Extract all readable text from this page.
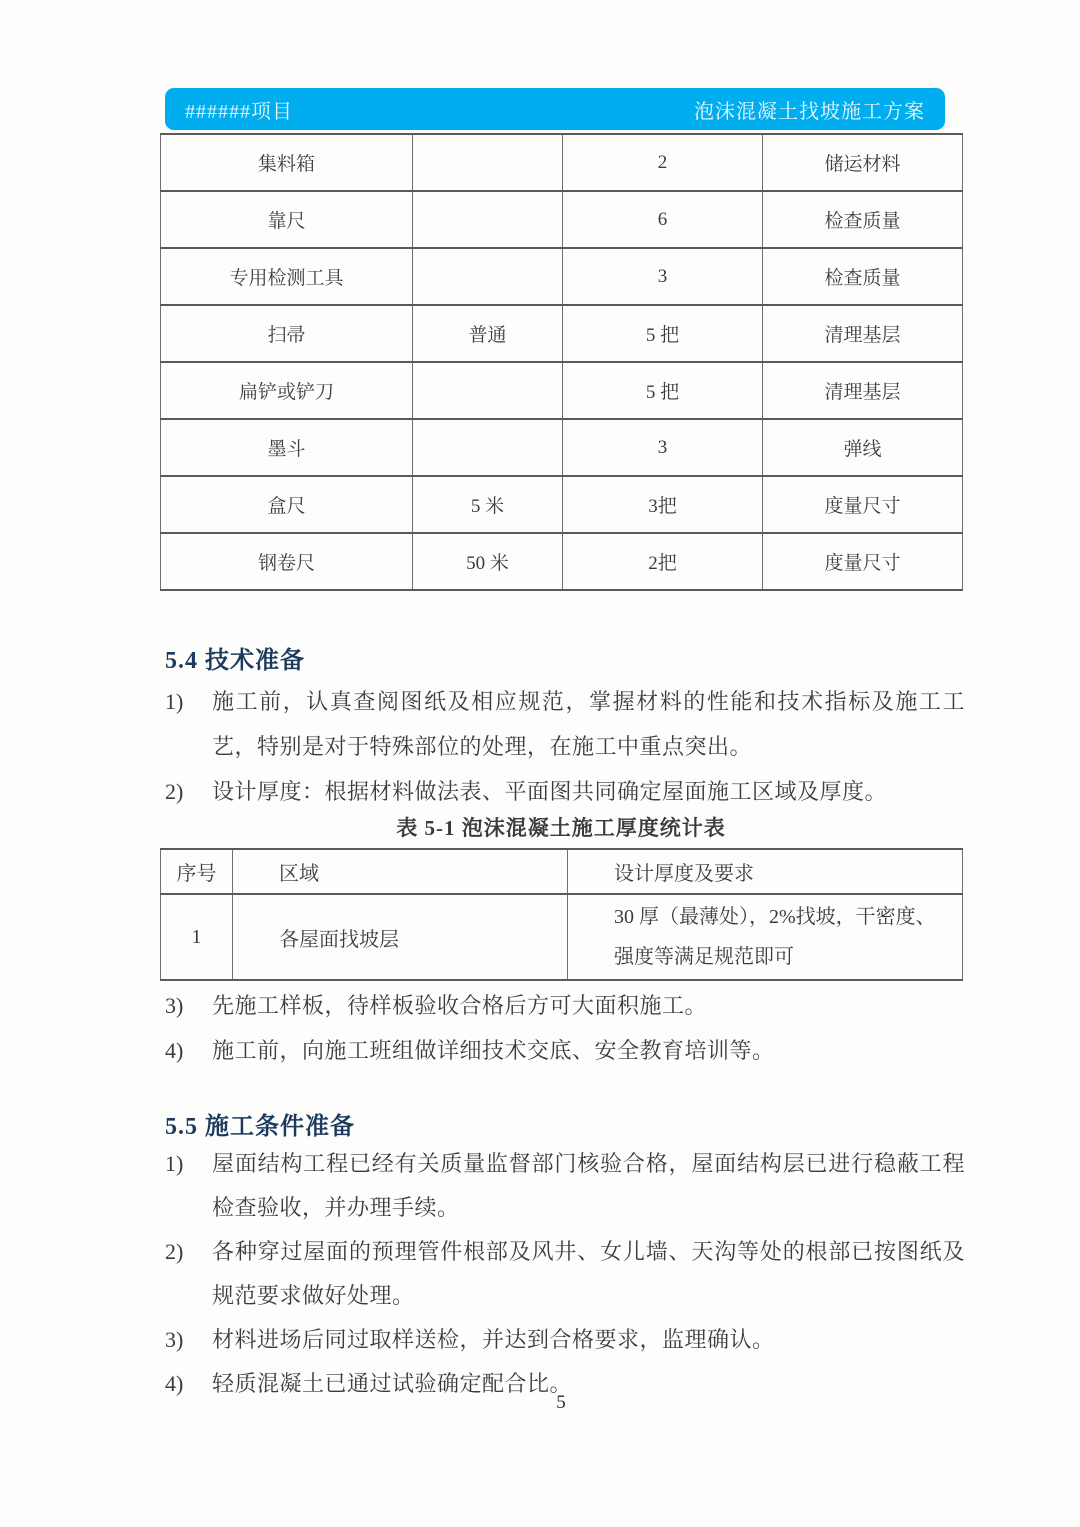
######项目	泡沫混凝土找坡施工方案
集料箱		2	储运材料
靠尺		6	检查质量
专用检测工具		3	检查质量
扫帚	普通	5 把	清理基层
扁铲或铲刀		5 把	清理基层
墨斗		3	弹线
盒尺	5 米	3把	度量尺寸
钢卷尺	50 米	2把	度量尺寸
5.4 技术准备
1)	施工前，认真查阅图纸及相应规范，掌握材料的性能和技术指标及施工工艺，特别是对于特殊部位的处理，在施工中重点突出。
2)	设计厚度：根据材料做法表、平面图共同确定屋面施工区域及厚度。
表 5-1 泡沫混凝土施工厚度统计表
序号	区域	设计厚度及要求
1	各屋面找坡层	30 厚（最薄处），2%找坡，干密度、强度等满足规范即可
3)	先施工样板，待样板验收合格后方可大面积施工。
4)	施工前，向施工班组做详细技术交底、安全教育培训等。
5.5 施工条件准备
1)	屋面结构工程已经有关质量监督部门核验合格，屋面结构层已进行稳蔽工程检查验收，并办理手续。
2)	各种穿过屋面的预理管件根部及风井、女儿墙、天沟等处的根部已按图纸及规范要求做好处理。
3)	材料进场后同过取样送检，并达到合格要求，监理确认。
4)	轻质混凝土已通过试验确定配合比。
5
